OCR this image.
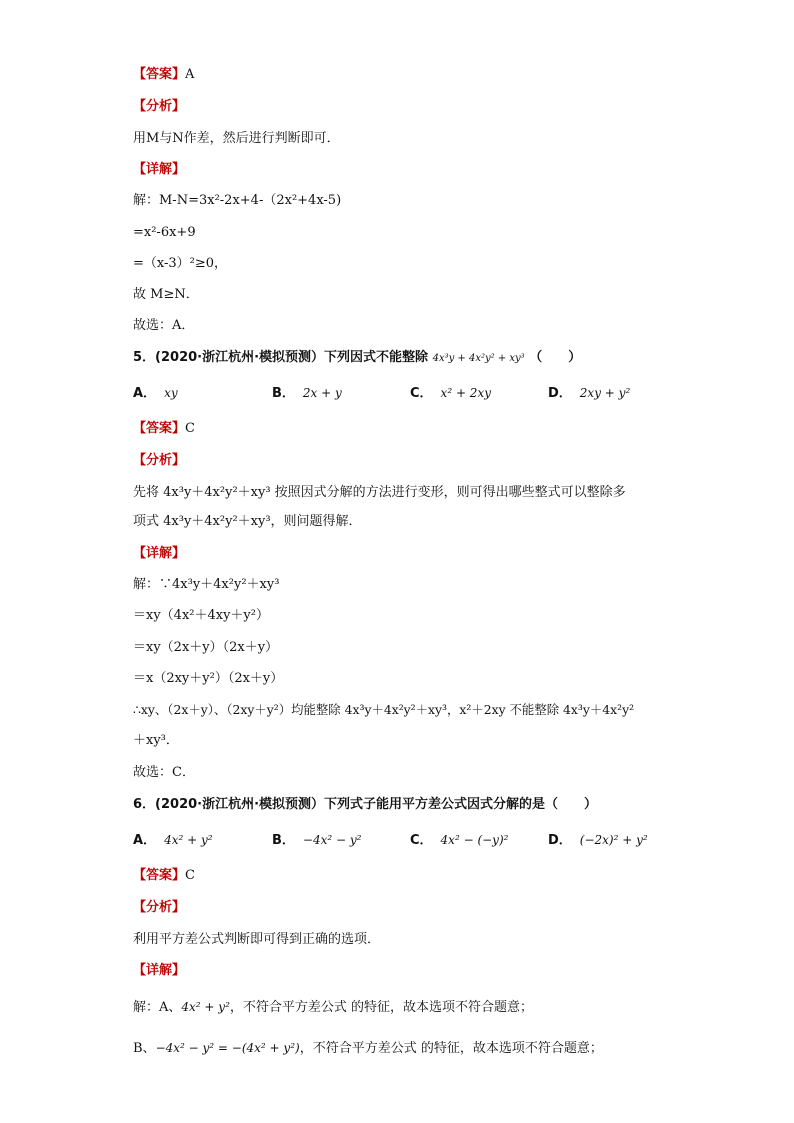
【答案】A
【分析】
用M与N作差，然后进行判断即可．
【详解】
解：M-N=3x²-2x+4-（2x²+4x-5)
=x²-6x+9
=（x-3）²≥0，
故 M≥N．
故选：A．
5．(2020·浙江杭州·模拟预测）下列因式不能整除 4x³y + 4x²y² + xy³ （　　）
A． xy	B． 2x + y	C． x² + 2xy	D． 2xy + y²
【答案】C
【分析】
先将 4x³y＋4x²y²＋xy³ 按照因式分解的方法进行变形，则可得出哪些整式可以整除多
项式 4x³y＋4x²y²＋xy³，则问题得解．
【详解】
解：∵4x³y＋4x²y²＋xy³
＝xy（4x²＋4xy＋y²）
＝xy（2x＋y）（2x＋y）
＝x（2xy＋y²）（2x＋y）
∴xy、（2x＋y）、（2xy＋y²）均能整除 4x³y＋4x²y²＋xy³，x²＋2xy 不能整除 4x³y＋4x²y²
＋xy³．
故选：C．
6．(2020·浙江杭州·模拟预测）下列式子能用平方差公式因式分解的是（　　）
A． 4x² + y²	B． −4x² − y²	C． 4x² − (−y)²	D． (−2x)² + y²
【答案】C
【分析】
利用平方差公式判断即可得到正确的选项．
【详解】
解：A、4x² + y²，不符合平方差公式 的特征，故本选项不符合题意；
B、−4x² − y² = −(4x² + y²)，不符合平方差公式 的特征，故本选项不符合题意；
